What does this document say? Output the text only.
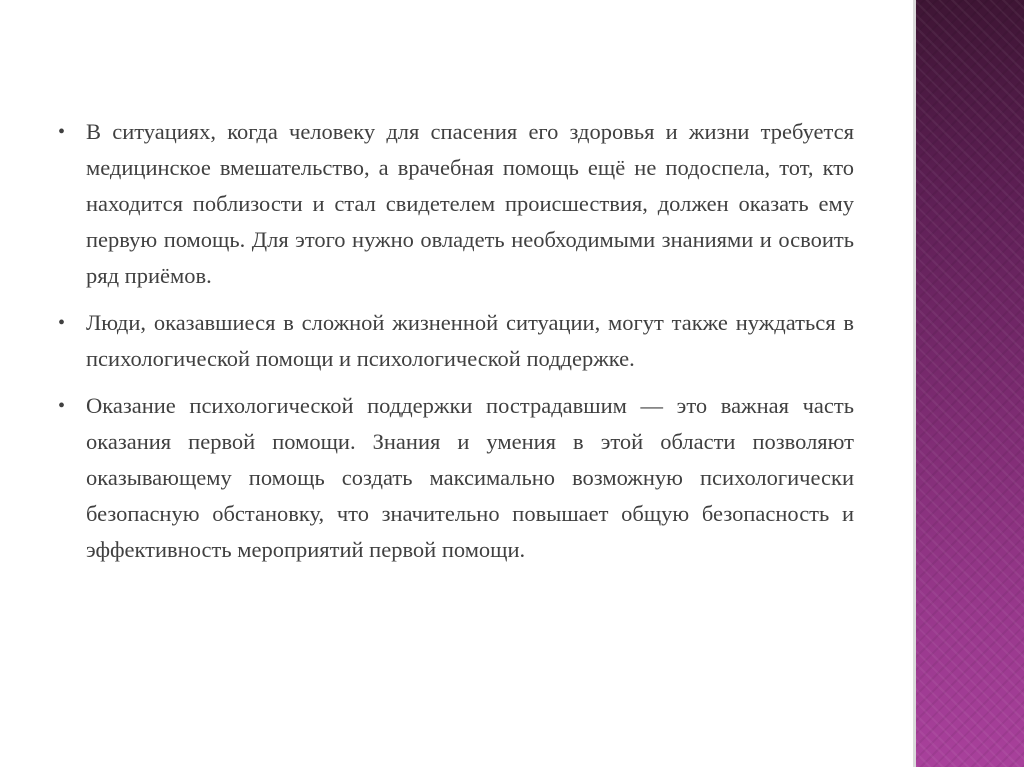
• В ситуациях, когда человеку для спасения его здоровья и жизни требуется медицинское вмешательство, а врачебная помощь ещё не подоспела, тот, кто находится поблизости и стал свидетелем происшествия, должен оказать ему первую помощь. Для этого нужно овладеть необходимыми знаниями и освоить ряд приёмов.
• Люди, оказавшиеся в сложной жизненной ситуации, могут также нуждаться в психологической помощи и психологической поддержке.
• Оказание психологической поддержки пострадавшим — это важная часть оказания первой помощи. Знания и умения в этой области позволяют оказывающему помощь создать максимально возможную психологически безопасную обстановку, что значительно повышает общую безопасность и эффективность мероприятий первой помощи.
